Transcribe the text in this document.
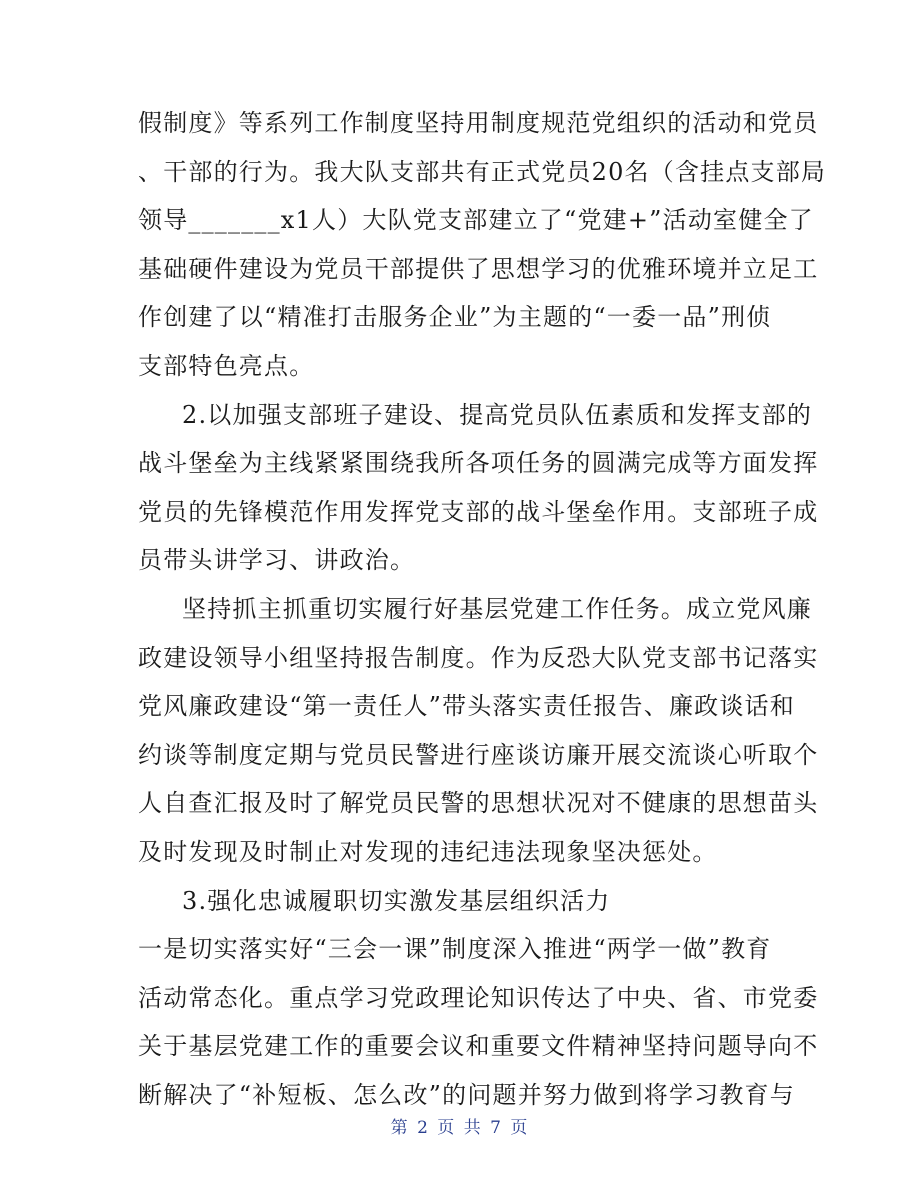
假制度》等系列工作制度坚持用制度规范党组织的活动和党员
、干部的行为。我大队支部共有正式党员20名（含挂点支部局
领导_______x1人）大队党支部建立了“党建+”活动室健全了
基础硬件建设为党员干部提供了思想学习的优雅环境并立足工
作创建了以“精准打击服务企业”为主题的“一委一品”刑侦
支部特色亮点。
2.以加强支部班子建设、提高党员队伍素质和发挥支部的
战斗堡垒为主线紧紧围绕我所各项任务的圆满完成等方面发挥
党员的先锋模范作用发挥党支部的战斗堡垒作用。支部班子成
员带头讲学习、讲政治。
坚持抓主抓重切实履行好基层党建工作任务。成立党风廉
政建设领导小组坚持报告制度。作为反恐大队党支部书记落实
党风廉政建设“第一责任人”带头落实责任报告、廉政谈话和
约谈等制度定期与党员民警进行座谈访廉开展交流谈心听取个
人自查汇报及时了解党员民警的思想状况对不健康的思想苗头
及时发现及时制止对发现的违纪违法现象坚决惩处。
3.强化忠诚履职切实激发基层组织活力
一是切实落实好“三会一课”制度深入推进“两学一做”教育
活动常态化。重点学习党政理论知识传达了中央、省、市党委
关于基层党建工作的重要会议和重要文件精神坚持问题导向不
断解决了“补短板、怎么改”的问题并努力做到将学习教育与
第 2 页 共 7 页
